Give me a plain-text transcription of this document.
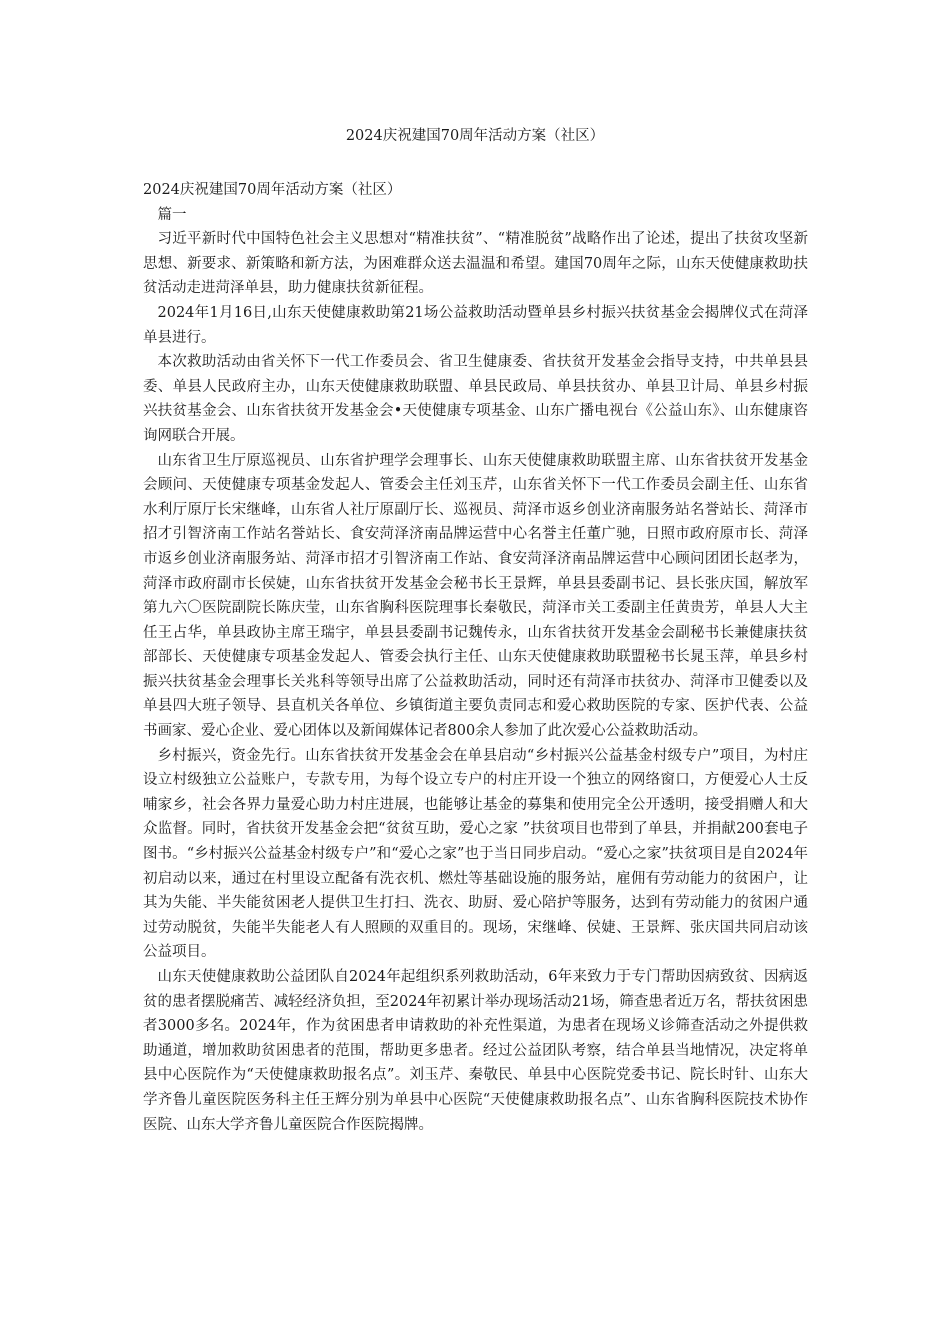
2024庆祝建国70周年活动方案（社区）

2024庆祝建国70周年活动方案（社区）

篇一

习近平新时代中国特色社会主义思想对“精准扶贫”、“精准脱贫”战略作出了论述，提出了扶贫攻坚新思想、新要求、新策略和新方法，为困难群众送去温温和希望。建国70周年之际，山东天使健康救助扶贫活动走进菏泽单县，助力健康扶贫新征程。

2024年1月16日,山东天使健康救助第21场公益救助活动暨单县乡村振兴扶贫基金会揭牌仪式在菏泽单县进行。

本次救助活动由省关怀下一代工作委员会、省卫生健康委、省扶贫开发基金会指导支持，中共单县县委、单县人民政府主办，山东天使健康救助联盟、单县民政局、单县扶贫办、单县卫计局、单县乡村振兴扶贫基金会、山东省扶贫开发基金会•天使健康专项基金、山东广播电视台《公益山东》、山东健康咨询网联合开展。

山东省卫生厅原巡视员、山东省护理学会理事长、山东天使健康救助联盟主席、山东省扶贫开发基金会顾问、天使健康专项基金发起人、管委会主任刘玉芹，山东省关怀下一代工作委员会副主任、山东省水利厅原厅长宋继峰，山东省人社厅原副厅长、巡视员、菏泽市返乡创业济南服务站名誉站长、菏泽市招才引智济南工作站名誉站长、食安菏泽济南品牌运营中心名誉主任董广驰，日照市政府原市长、菏泽市返乡创业济南服务站、菏泽市招才引智济南工作站、食安菏泽济南品牌运营中心顾问团团长赵孝为，菏泽市政府副市长侯婕，山东省扶贫开发基金会秘书长王景辉，单县县委副书记、县长张庆国，解放军第九六〇医院副院长陈庆莹，山东省胸科医院理事长秦敬民，菏泽市关工委副主任黄贵芳，单县人大主任王占华，单县政协主席王瑞宇，单县县委副书记魏传永，山东省扶贫开发基金会副秘书长兼健康扶贫部部长、天使健康专项基金发起人、管委会执行主任、山东天使健康救助联盟秘书长晁玉萍，单县乡村振兴扶贫基金会理事长关兆科等领导出席了公益救助活动，同时还有菏泽市扶贫办、菏泽市卫健委以及单县四大班子领导、县直机关各单位、乡镇街道主要负责同志和爱心救助医院的专家、医护代表、公益书画家、爱心企业、爱心团体以及新闻媒体记者800余人参加了此次爱心公益救助活动。

乡村振兴，资金先行。山东省扶贫开发基金会在单县启动“乡村振兴公益基金村级专户”项目，为村庄设立村级独立公益账户，专款专用，为每个设立专户的村庄开设一个独立的网络窗口，方便爱心人士反哺家乡，社会各界力量爱心助力村庄进展，也能够让基金的募集和使用完全公开透明，接受捐赠人和大众监督。同时，省扶贫开发基金会把“贫贫互助，爱心之家 ”扶贫项目也带到了单县，并捐献200套电子图书。“乡村振兴公益基金村级专户”和“爱心之家”也于当日同步启动。“爱心之家”扶贫项目是自2024年初启动以来，通过在村里设立配备有洗衣机、燃灶等基础设施的服务站，雇佣有劳动能力的贫困户，让其为失能、半失能贫困老人提供卫生打扫、洗衣、助厨、爱心陪护等服务，达到有劳动能力的贫困户通过劳动脱贫，失能半失能老人有人照顾的双重目的。现场，宋继峰、侯婕、王景辉、张庆国共同启动该公益项目。

山东天使健康救助公益团队自2024年起组织系列救助活动，6年来致力于专门帮助因病致贫、因病返贫的患者摆脱痛苦、减轻经济负担，至2024年初累计举办现场活动21场，筛查患者近万名，帮扶贫困患者3000多名。2024年，作为贫困患者申请救助的补充性渠道，为患者在现场义诊筛查活动之外提供救助通道，增加救助贫困患者的范围，帮助更多患者。经过公益团队考察，结合单县当地情况，决定将单县中心医院作为“天使健康救助报名点”。刘玉芹、秦敬民、单县中心医院党委书记、院长时针、山东大学齐鲁儿童医院医务科主任王辉分别为单县中心医院“天使健康救助报名点”、山东省胸科医院技术协作医院、山东大学齐鲁儿童医院合作医院揭牌。
